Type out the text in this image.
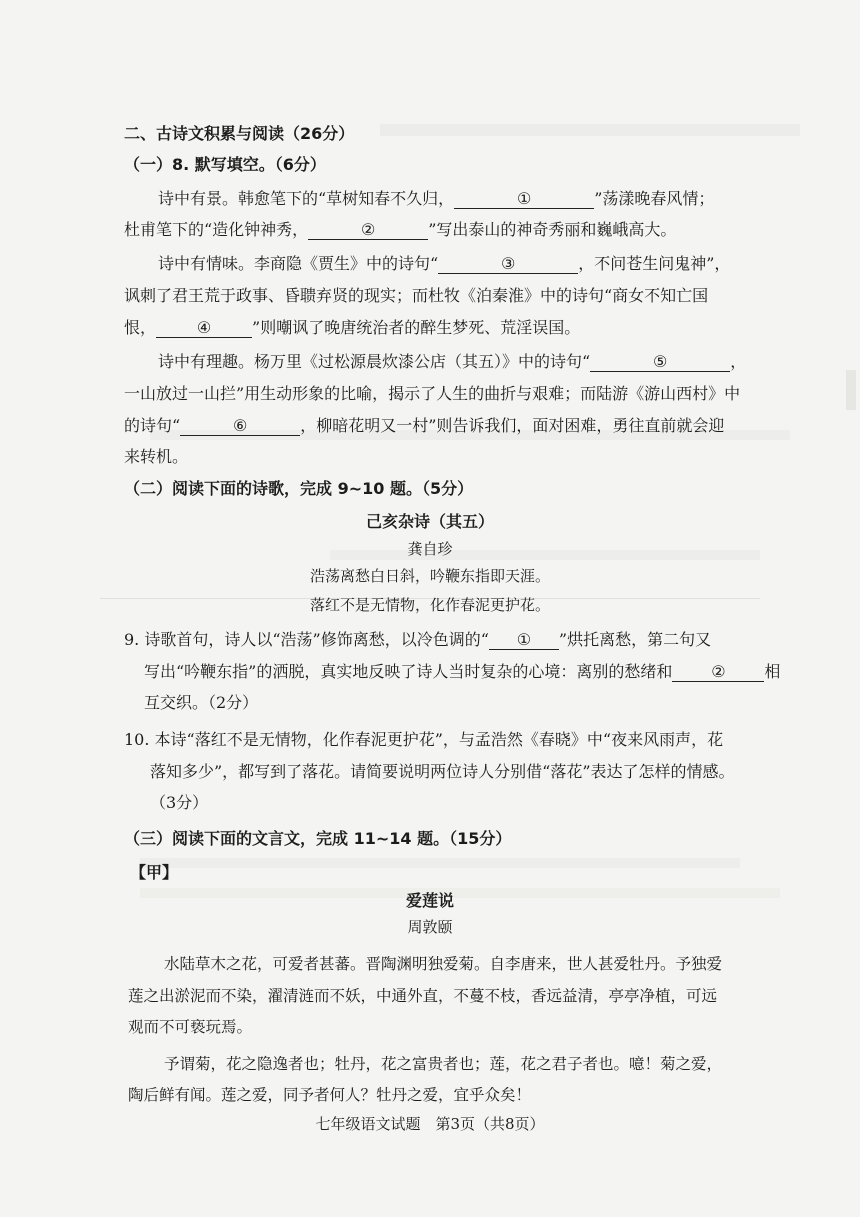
二、古诗文积累与阅读（26分）
（一）8. 默写填空。（6分）
诗中有景。韩愈笔下的“草树知春不久归，	①	”荡漾晚春风情；
杜甫笔下的“造化钟神秀，	②	”写出泰山的神奇秀丽和巍峨高大。
诗中有情味。李商隐《贾生》中的诗句“	③	，不问苍生问鬼神”，
讽刺了君王荒于政事、昏聩弃贤的现实；而杜牧《泊秦淮》中的诗句“商女不知亡国
恨，	④	”则嘲讽了晚唐统治者的醉生梦死、荒淫误国。
诗中有理趣。杨万里《过松源晨炊漆公店（其五）》中的诗句“	⑤	，
一山放过一山拦”用生动形象的比喻，揭示了人生的曲折与艰难；而陆游《游山西村》中
的诗句“	⑥	，柳暗花明又一村”则告诉我们，面对困难，勇往直前就会迎
来转机。
（二）阅读下面的诗歌，完成 9~10 题。（5分）
己亥杂诗（其五）
龚自珍
浩荡离愁白日斜，吟鞭东指即天涯。
落红不是无情物，化作春泥更护花。
9. 诗歌首句，诗人以“浩荡”修饰离愁，以冷色调的“ ① ”烘托离愁，第二句又
写出“吟鞭东指”的洒脱，真实地反映了诗人当时复杂的心境：离别的愁绪和 ② 相
互交织。（2分）
10. 本诗“落红不是无情物，化作春泥更护花”，与孟浩然《春晓》中“夜来风雨声，花
落知多少”，都写到了落花。请简要说明两位诗人分别借“落花”表达了怎样的情感。
（3分）
（三）阅读下面的文言文，完成 11~14 题。（15分）
【甲】
爱莲说
周敦颐
水陆草木之花，可爱者甚蕃。晋陶渊明独爱菊。自李唐来，世人甚爱牡丹。予独爱
莲之出淤泥而不染，濯清涟而不妖，中通外直，不蔓不枝，香远益清，亭亭净植，可远
观而不可亵玩焉。
予谓菊，花之隐逸者也；牡丹，花之富贵者也；莲，花之君子者也。噫！菊之爱，
陶后鲜有闻。莲之爱，同予者何人？牡丹之爱，宜乎众矣！
七年级语文试题　第3页（共8页）
